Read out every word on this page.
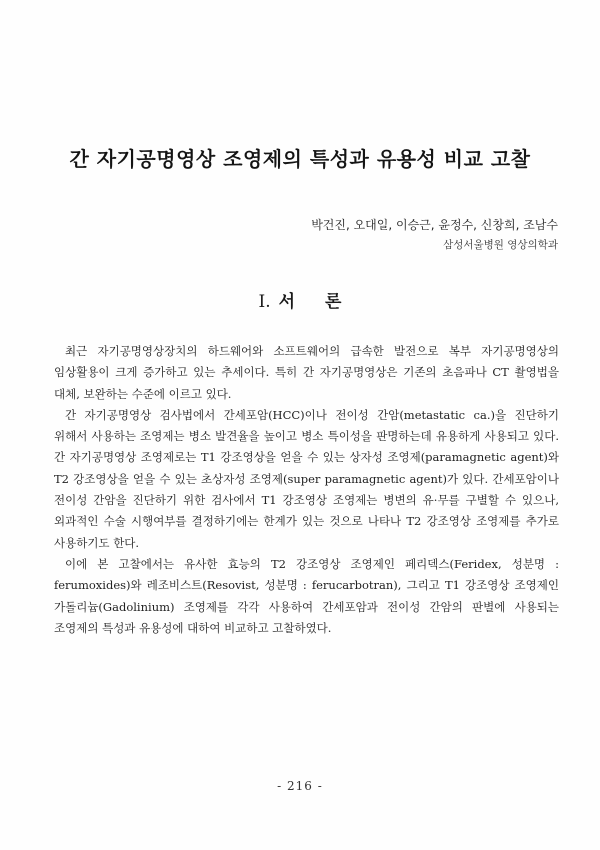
간 자기공명영상 조영제의 특성과 유용성 비교 고찰
박건진, 오대일, 이승근, 윤정수, 신창희, 조남수
삼성서울병원 영상의학과
I. 서 론

최근 자기공명영상장치의 하드웨어와 소프트웨어의 급속한 발전으로 복부 자기공명영상의 임상활용이 크게 증가하고 있는 추세이다. 특히 간 자기공명영상은 기존의 초음파나 CT 촬영법을 대체, 보완하는 수준에 이르고 있다.

간 자기공명영상 검사법에서 간세포암(HCC)이나 전이성 간암(metastatic ca.)을 진단하기 위해서 사용하는 조영제는 병소 발견율을 높이고 병소 특이성을 판명하는데 유용하게 사용되고 있다. 간 자기공명영상 조영제로는 T1 강조영상을 얻을 수 있는 상자성 조영제(paramagnetic agent)와 T2 강조영상을 얻을 수 있는 초상자성 조영제(super paramagnetic agent)가 있다. 간세포암이나 전이성 간암을 진단하기 위한 검사에서 T1 강조영상 조영제는 병변의 유·무를 구별할 수 있으나, 외과적인 수술 시행여부를 결정하기에는 한계가 있는 것으로 나타나 T2 강조영상 조영제를 추가로 사용하기도 한다.

이에 본 고찰에서는 유사한 효능의 T2 강조영상 조영제인 페리덱스(Feridex, 성분명 : ferumoxides)와 레조비스트(Resovist, 성분명 : ferucarbotran), 그리고 T1 강조영상 조영제인 가돌리늄(Gadolinium) 조영제를 각각 사용하여 간세포암과 전이성 간암의 판별에 사용되는 조영제의 특성과 유용성에 대하여 비교하고 고찰하였다.

- 216 -
